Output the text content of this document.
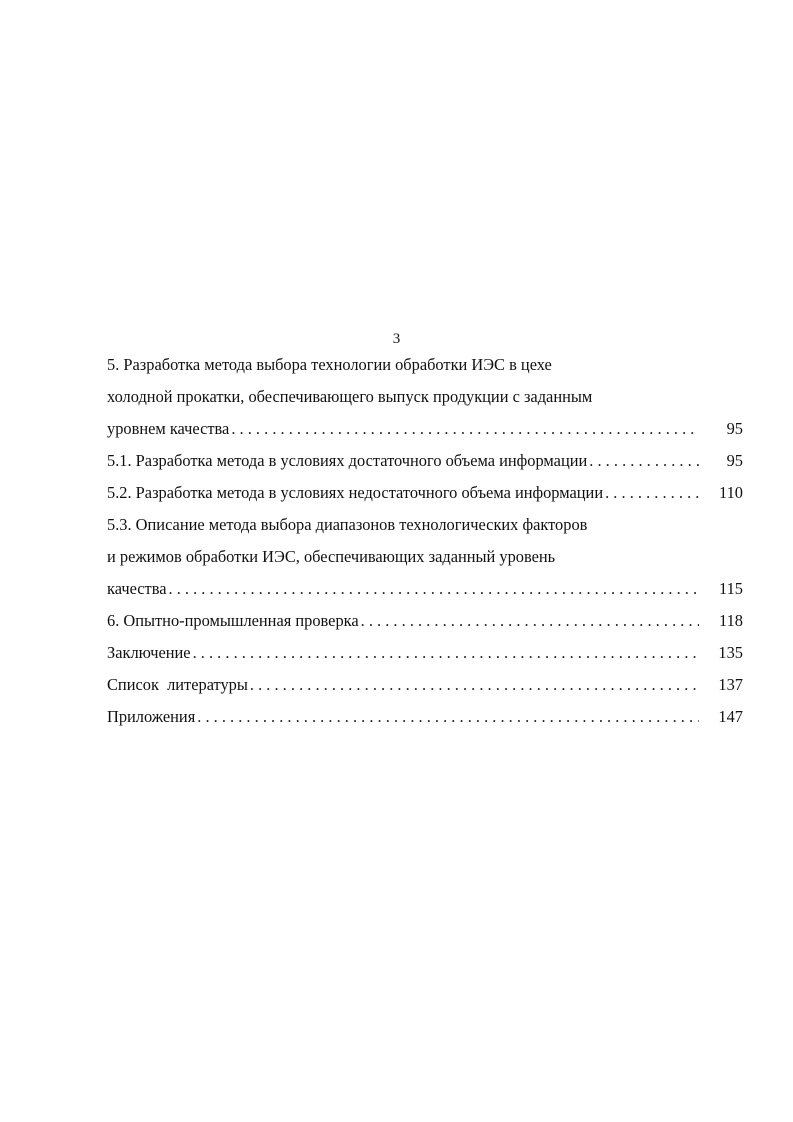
3
5. Разработка метода выбора технологии обработки ИЭС в цехе
холодной прокатки, обеспечивающего выпуск продукции с заданным
уровнем качества . . .	95
5.1. Разработка метода в условиях достаточного объема информации . . .	95
5.2. Разработка метода в условиях недостаточного объема информации . . .	110
5.3. Описание метода выбора диапазонов технологических факторов
и режимов обработки ИЭС, обеспечивающих заданный уровень
качества . . .	115
6. Опытно-промышленная проверка . . .	118
Заключение . . .	135
Список  литературы . . .	137
Приложения . . .	147
